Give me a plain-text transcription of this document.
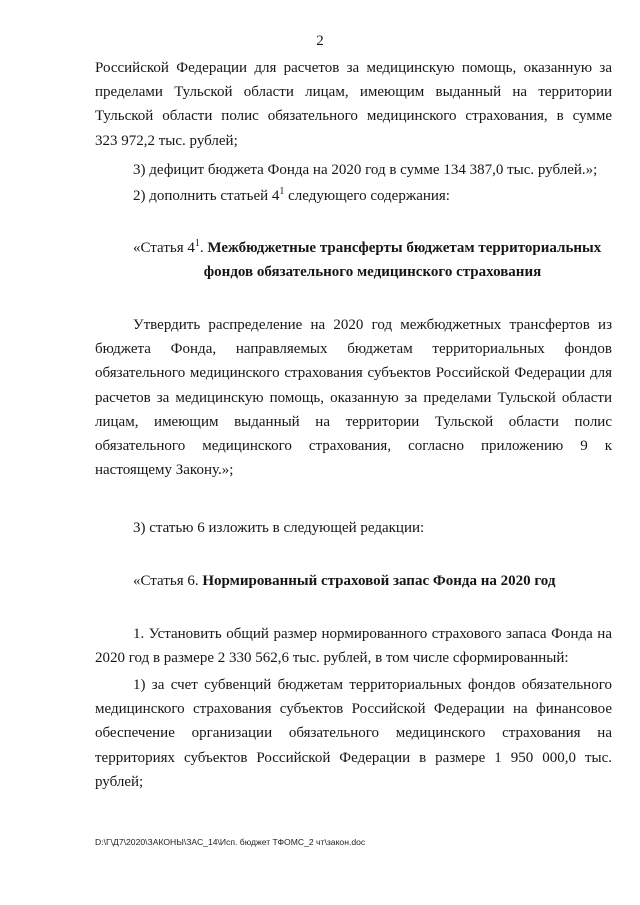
2
Российской Федерации для расчетов за медицинскую помощь, оказанную за
пределами Тульской области лицам, имеющим выданный на территории
Тульской области полис обязательного медицинского страхования, в сумме
323 972,2 тыс. рублей;
3) дефицит бюджета Фонда на 2020 год в сумме 134 387,0 тыс. рублей.»;
2) дополнить статьей $4^1$ следующего содержания:
«Статья $4^1$. Межбюджетные трансферты бюджетам территориальных
фондов обязательного медицинского страхования
Утвердить распределение на 2020 год межбюджетных трансфертов из
бюджета Фонда, направляемых бюджетам территориальных фондов
обязательного медицинского страхования субъектов Российской Федерации для
расчетов за медицинскую помощь, оказанную за пределами Тульской области
лицам, имеющим выданный на территории Тульской области полис
обязательного медицинского страхования, согласно приложению 9 к
настоящему Закону.»;
3) статью 6 изложить в следующей редакции:
«Статья 6. Нормированный страховой запас Фонда на 2020 год
1. Установить общий размер нормированного страхового запаса Фонда на
2020 год в размере 2 330 562,6 тыс. рублей, в том числе сформированный:
1) за счет субвенций бюджетам территориальных фондов обязательного
медицинского страхования субъектов Российской Федерации на финансовое
обеспечение организации обязательного медицинского страхования на
территориях субъектов Российской Федерации в размере 1 950 000,0 тыс.
рублей;
D:\Г\Д7\2020\ЗАКОНЫ\ЗАС_14\Исп. бюджет ТФОМС_2 чт\закон.doc
